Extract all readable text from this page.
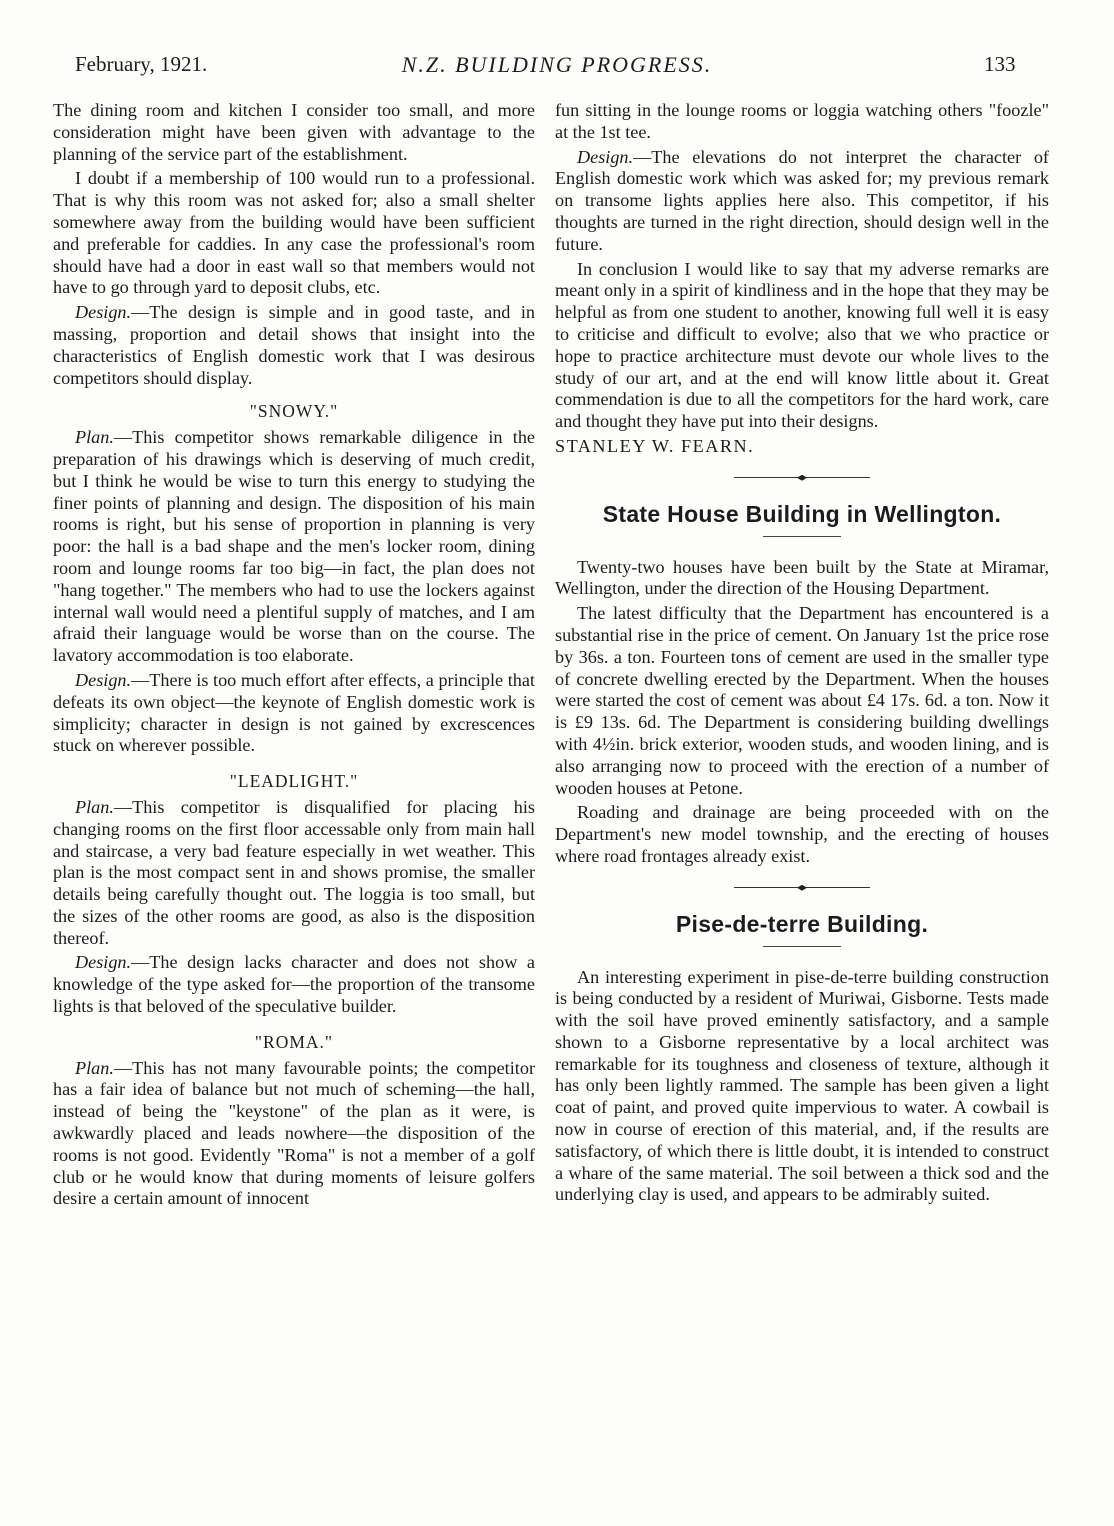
February, 1921.	N.Z. BUILDING PROGRESS.	133

The dining room and kitchen I consider too small, and more consideration might have been given with advantage to the planning of the service part of the establishment.

I doubt if a membership of 100 would run to a professional. That is why this room was not asked for; also a small shelter somewhere away from the building would have been sufficient and preferable for caddies. In any case the professional's room should have had a door in east wall so that members would not have to go through yard to deposit clubs, etc.

Design.—The design is simple and in good taste, and in massing, proportion and detail shows that insight into the characteristics of English domestic work that I was desirous competitors should display.

"SNOWY."

Plan.—This competitor shows remarkable diligence in the preparation of his drawings which is deserving of much credit, but I think he would be wise to turn this energy to studying the finer points of planning and design. The disposition of his main rooms is right, but his sense of proportion in planning is very poor: the hall is a bad shape and the men's locker room, dining room and lounge rooms far too big—in fact, the plan does not "hang together." The members who had to use the lockers against internal wall would need a plentiful supply of matches, and I am afraid their language would be worse than on the course. The lavatory accommodation is too elaborate.

Design.—There is too much effort after effects, a principle that defeats its own object—the keynote of English domestic work is simplicity; character in design is not gained by excrescences stuck on wherever possible.

"LEADLIGHT."

Plan.—This competitor is disqualified for placing his changing rooms on the first floor accessable only from main hall and staircase, a very bad feature especially in wet weather. This plan is the most compact sent in and shows promise, the smaller details being carefully thought out. The loggia is too small, but the sizes of the other rooms are good, as also is the disposition thereof.

Design.—The design lacks character and does not show a knowledge of the type asked for—the proportion of the transome lights is that beloved of the speculative builder.

"ROMA."

Plan.—This has not many favourable points; the competitor has a fair idea of balance but not much of scheming—the hall, instead of being the "keystone" of the plan as it were, is awkwardly placed and leads nowhere—the disposition of the rooms is not good. Evidently "Roma" is not a member of a golf club or he would know that during moments of leisure golfers desire a certain amount of innocent

fun sitting in the lounge rooms or loggia watching others "foozle" at the 1st tee.

Design.—The elevations do not interpret the character of English domestic work which was asked for; my previous remark on transome lights applies here also. This competitor, if his thoughts are turned in the right direction, should design well in the future.

In conclusion I would like to say that my adverse remarks are meant only in a spirit of kindliness and in the hope that they may be helpful as from one student to another, knowing full well it is easy to criticise and difficult to evolve; also that we who practice or hope to practice architecture must devote our whole lives to the study of our art, and at the end will know little about it. Great commendation is due to all the competitors for the hard work, care and thought they have put into their designs.

STANLEY W. FEARN.

State House Building in Wellington.

Twenty-two houses have been built by the State at Miramar, Wellington, under the direction of the Housing Department.

The latest difficulty that the Department has encountered is a substantial rise in the price of cement. On January 1st the price rose by 36s. a ton. Fourteen tons of cement are used in the smaller type of concrete dwelling erected by the Department. When the houses were started the cost of cement was about £4 17s. 6d. a ton. Now it is £9 13s. 6d. The Department is considering building dwellings with 4½in. brick exterior, wooden studs, and wooden lining, and is also arranging now to proceed with the erection of a number of wooden houses at Petone.

Roading and drainage are being proceeded with on the Department's new model township, and the erecting of houses where road frontages already exist.

Pise-de-terre Building.

An interesting experiment in pise-de-terre building construction is being conducted by a resident of Muriwai, Gisborne. Tests made with the soil have proved eminently satisfactory, and a sample shown to a Gisborne representative by a local architect was remarkable for its toughness and closeness of texture, although it has only been lightly rammed. The sample has been given a light coat of paint, and proved quite impervious to water. A cowbail is now in course of erection of this material, and, if the results are satisfactory, of which there is little doubt, it is intended to construct a whare of the same material. The soil between a thick sod and the underlying clay is used, and appears to be admirably suited.
